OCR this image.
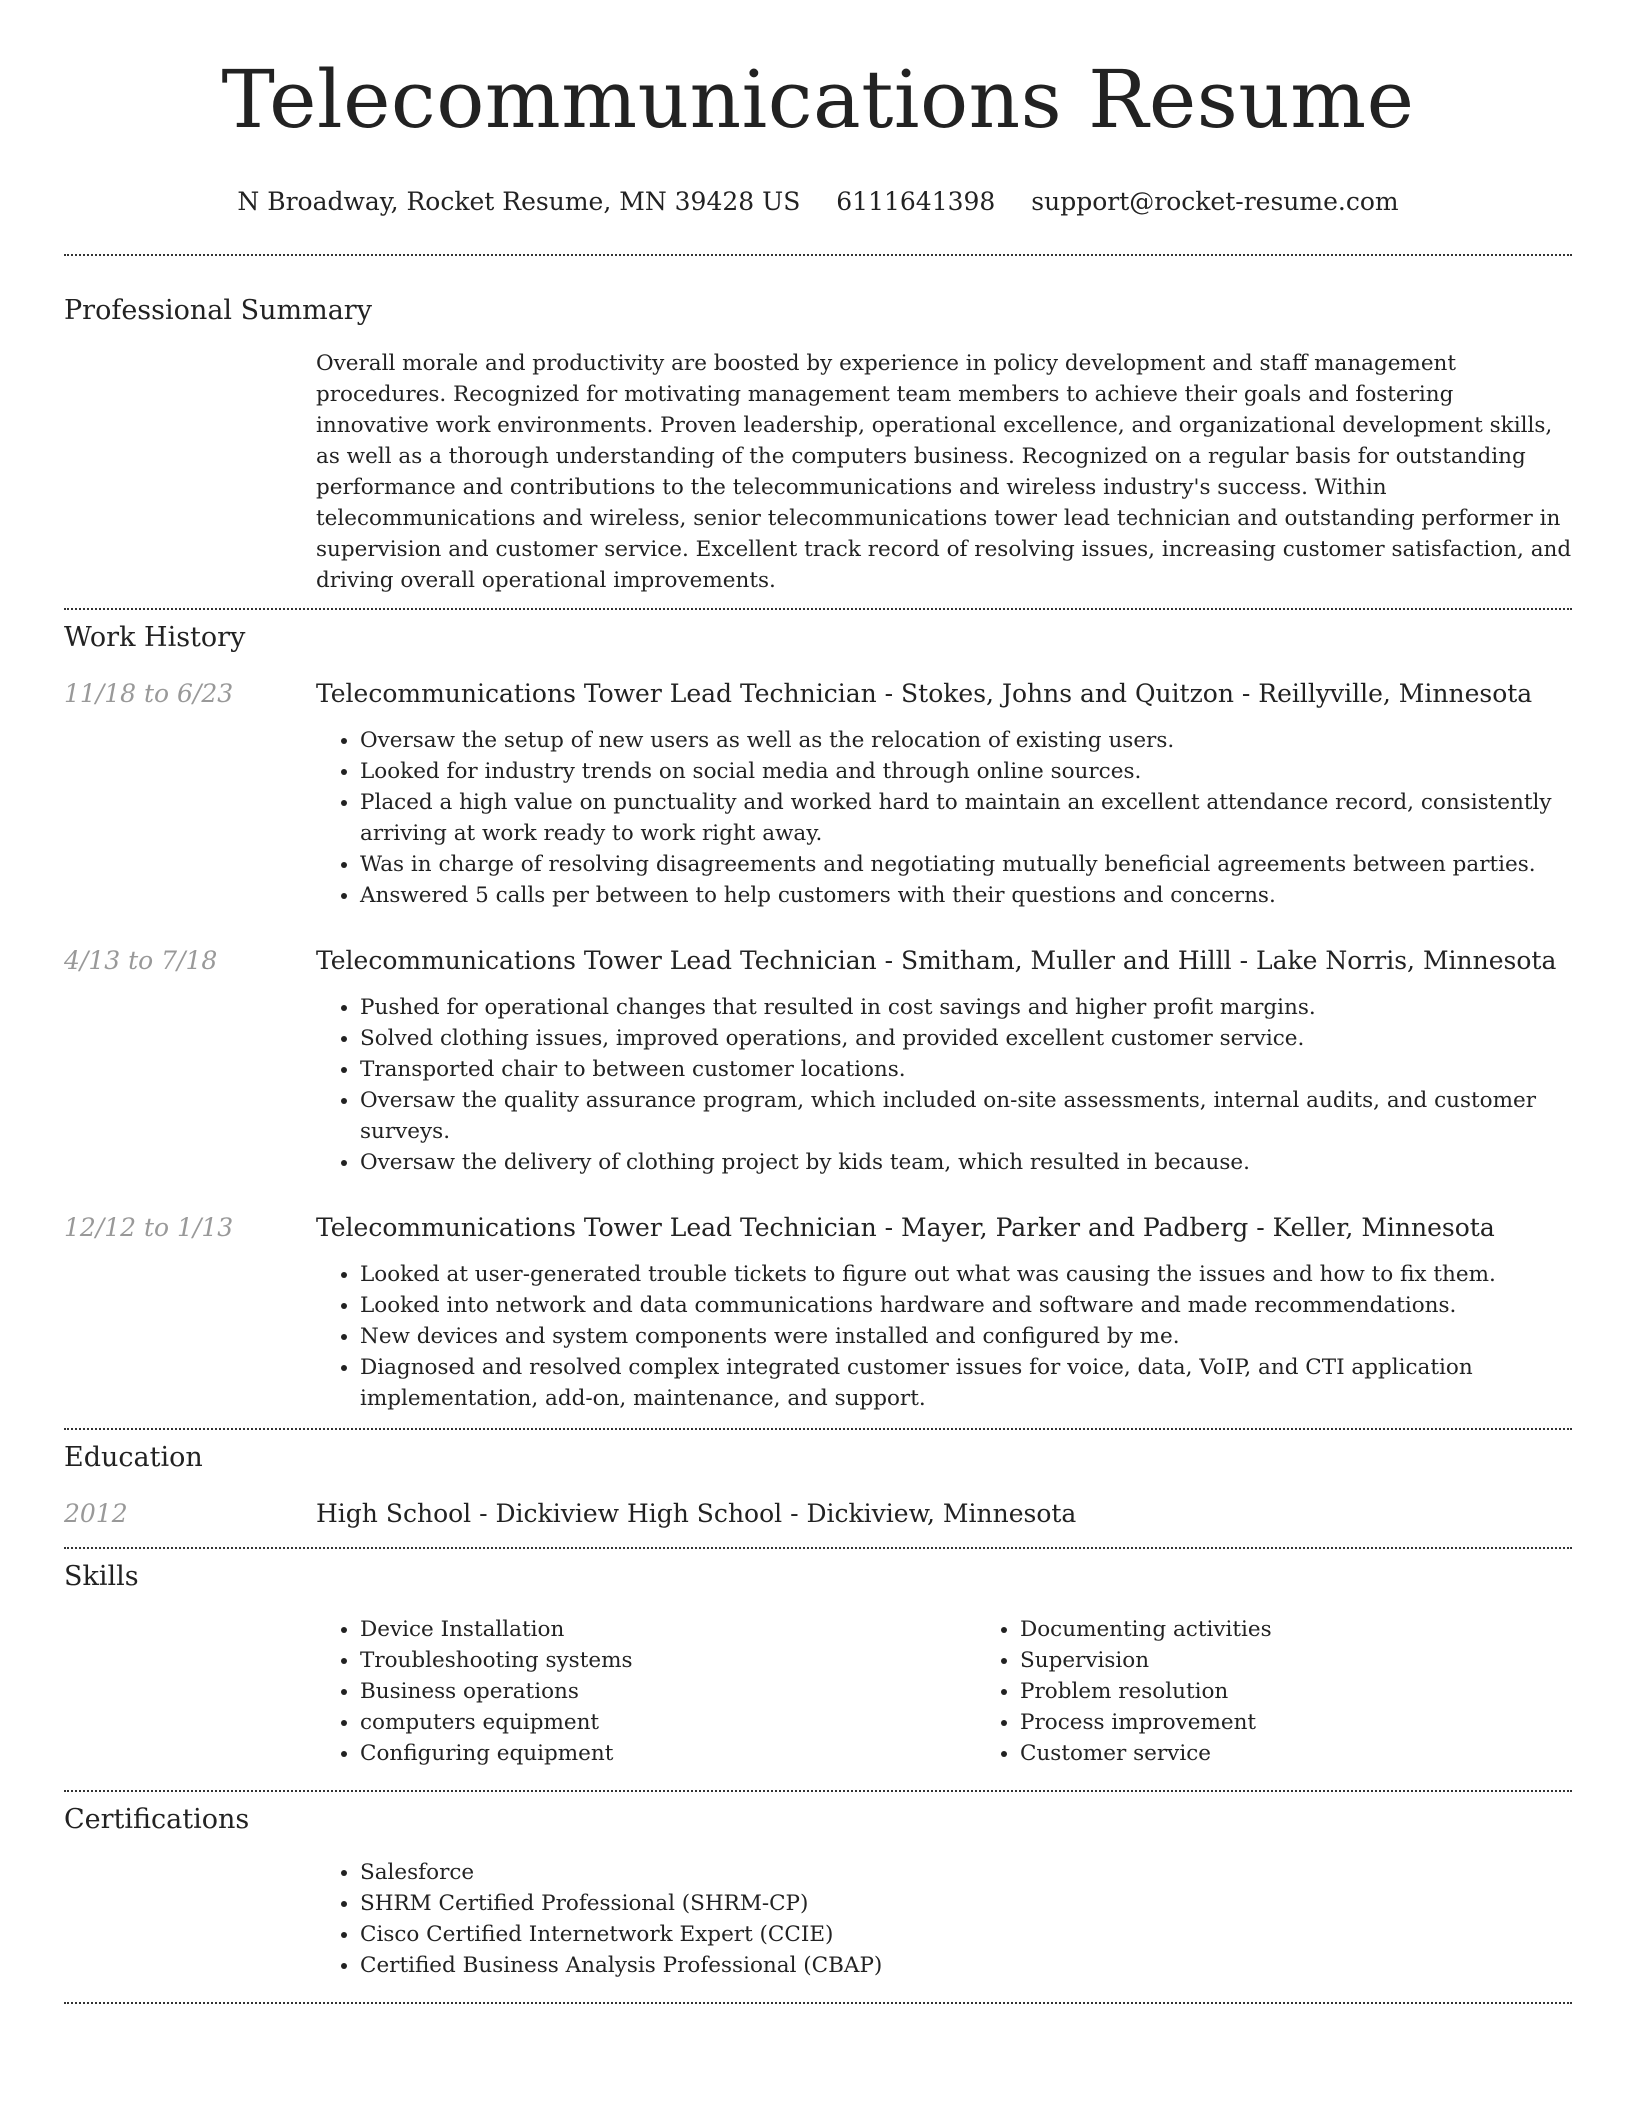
Telecommunications Resume
N Broadway, Rocket Resume, MN 39428 US 6111641398 support@rocket-resume.com
Professional Summary
Overall morale and productivity are boosted by experience in policy development and staff management procedures. Recognized for motivating management team members to achieve their goals and fostering innovative work environments. Proven leadership, operational excellence, and organizational development skills, as well as a thorough understanding of the computers business. Recognized on a regular basis for outstanding performance and contributions to the telecommunications and wireless industry's success. Within telecommunications and wireless, senior telecommunications tower lead technician and outstanding performer in supervision and customer service. Excellent track record of resolving issues, increasing customer satisfaction, and driving overall operational improvements.
Work History
11/18 to 6/23	Telecommunications Tower Lead Technician - Stokes, Johns and Quitzon - Reillyville, Minnesota
• Oversaw the setup of new users as well as the relocation of existing users.
• Looked for industry trends on social media and through online sources.
• Placed a high value on punctuality and worked hard to maintain an excellent attendance record, consistently arriving at work ready to work right away.
• Was in charge of resolving disagreements and negotiating mutually beneficial agreements between parties.
• Answered 5 calls per between to help customers with their questions and concerns.
4/13 to 7/18	Telecommunications Tower Lead Technician - Smitham, Muller and Hilll - Lake Norris, Minnesota
• Pushed for operational changes that resulted in cost savings and higher profit margins.
• Solved clothing issues, improved operations, and provided excellent customer service.
• Transported chair to between customer locations.
• Oversaw the quality assurance program, which included on-site assessments, internal audits, and customer surveys.
• Oversaw the delivery of clothing project by kids team, which resulted in because.
12/12 to 1/13	Telecommunications Tower Lead Technician - Mayer, Parker and Padberg - Keller, Minnesota
• Looked at user-generated trouble tickets to figure out what was causing the issues and how to fix them.
• Looked into network and data communications hardware and software and made recommendations.
• New devices and system components were installed and configured by me.
• Diagnosed and resolved complex integrated customer issues for voice, data, VoIP, and CTI application implementation, add-on, maintenance, and support.
Education
2012	High School - Dickiview High School - Dickiview, Minnesota
Skills
• Device Installation
• Troubleshooting systems
• Business operations
• computers equipment
• Configuring equipment
• Documenting activities
• Supervision
• Problem resolution
• Process improvement
• Customer service
Certifications
• Salesforce
• SHRM Certified Professional (SHRM-CP)
• Cisco Certified Internetwork Expert (CCIE)
• Certified Business Analysis Professional (CBAP)
